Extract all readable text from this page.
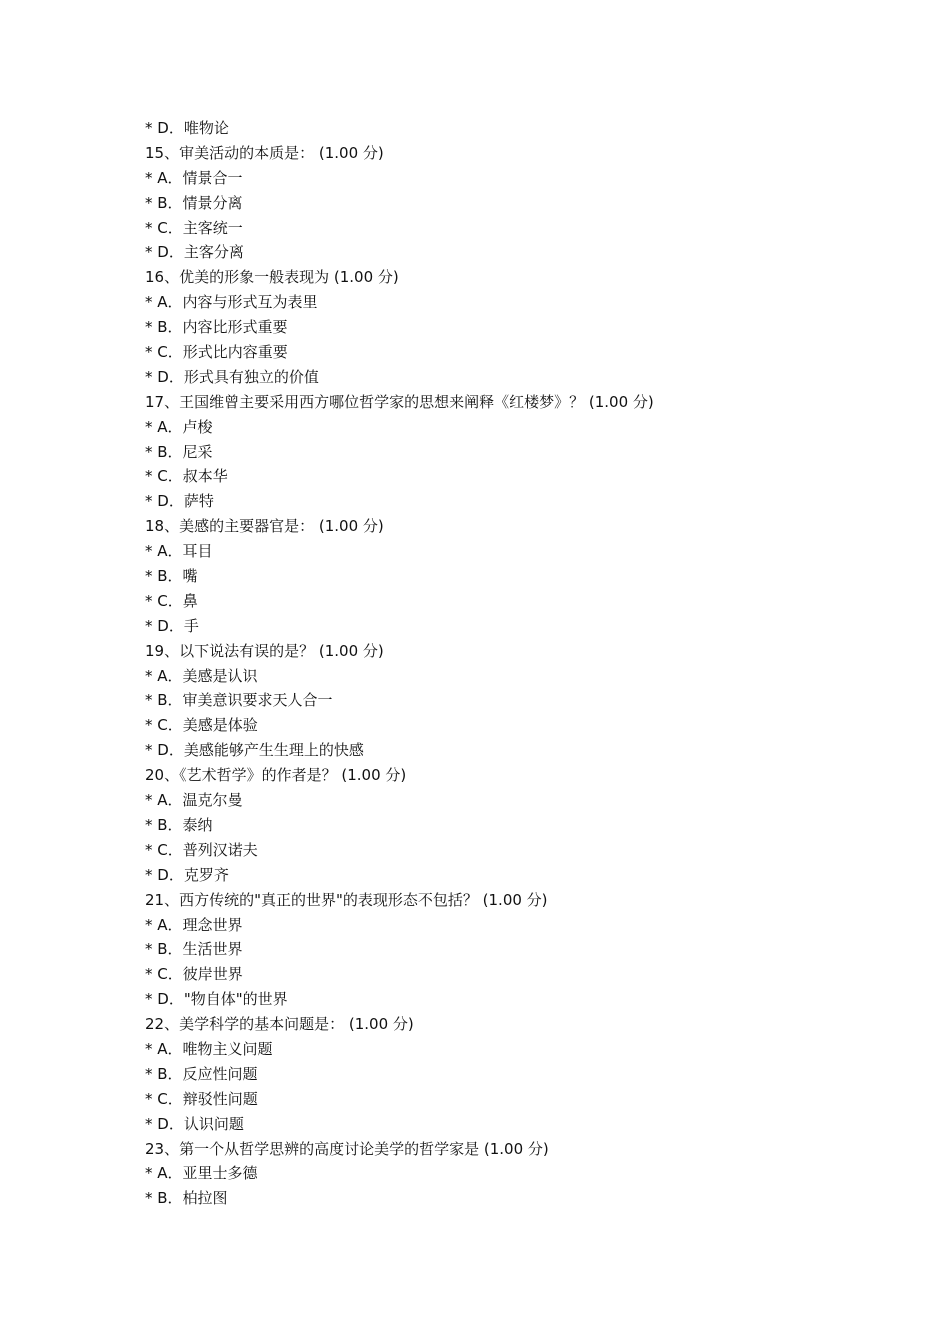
* D．唯物论
15、审美活动的本质是： (1.00 分)
* A．情景合一
* B．情景分离
* C．主客统一
* D．主客分离
16、优美的形象一般表现为 (1.00 分)
* A．内容与形式互为表里
* B．内容比形式重要
* C．形式比内容重要
* D．形式具有独立的价值
17、王国维曾主要采用西方哪位哲学家的思想来阐释《红楼梦》？ (1.00 分)
* A．卢梭
* B．尼采
* C．叔本华
* D．萨特
18、美感的主要器官是： (1.00 分)
* A．耳目
* B．嘴
* C．鼻
* D．手
19、以下说法有误的是？ (1.00 分)
* A．美感是认识
* B．审美意识要求天人合一
* C．美感是体验
* D．美感能够产生生理上的快感
20、《艺术哲学》的作者是？ (1.00 分)
* A．温克尔曼
* B．泰纳
* C．普列汉诺夫
* D．克罗齐
21、西方传统的"真正的世界"的表现形态不包括？ (1.00 分)
* A．理念世界
* B．生活世界
* C．彼岸世界
* D．"物自体"的世界
22、美学科学的基本问题是： (1.00 分)
* A．唯物主义问题
* B．反应性问题
* C．辩驳性问题
* D．认识问题
23、第一个从哲学思辨的高度讨论美学的哲学家是 (1.00 分)
* A．亚里士多德
* B．柏拉图
